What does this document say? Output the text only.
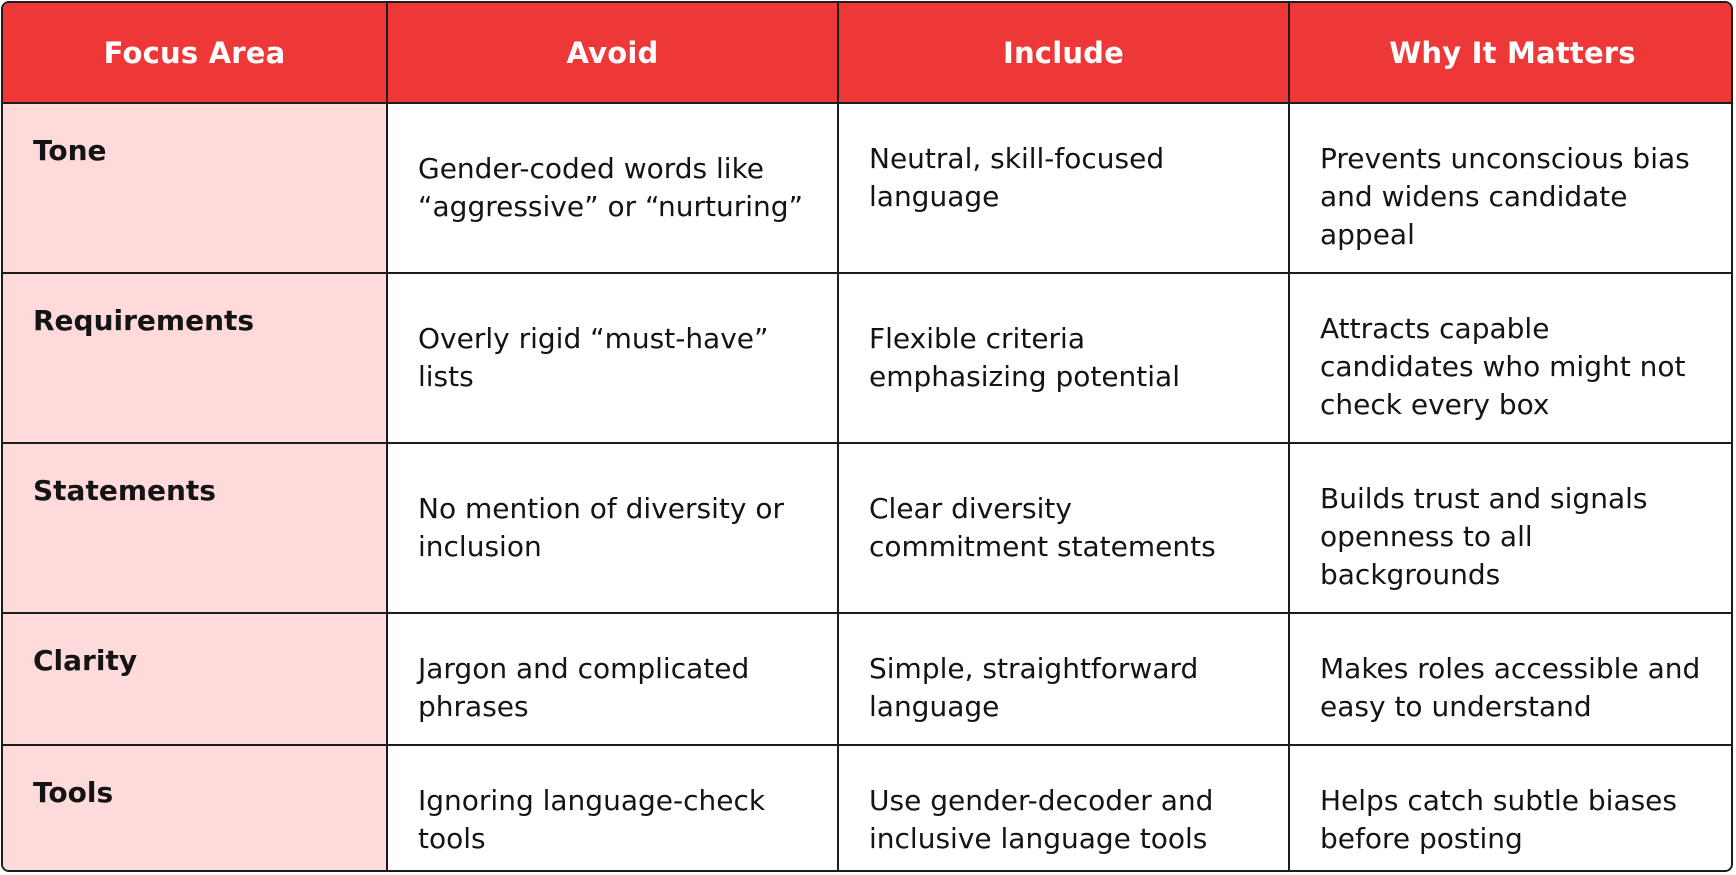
Focus Area	Avoid	Include	Why It Matters
Tone	Gender-coded words like “aggressive” or “nurturing”	Neutral, skill-focused language	Prevents unconscious bias and widens candidate appeal
Requirements	Overly rigid “must-have” lists	Flexible criteria emphasizing potential	Attracts capable candidates who might not check every box
Statements	No mention of diversity or inclusion	Clear diversity commitment statements	Builds trust and signals openness to all backgrounds
Clarity	Jargon and complicated phrases	Simple, straightforward language	Makes roles accessible and easy to understand
Tools	Ignoring language-check tools	Use gender-decoder and inclusive language tools	Helps catch subtle biases before posting
